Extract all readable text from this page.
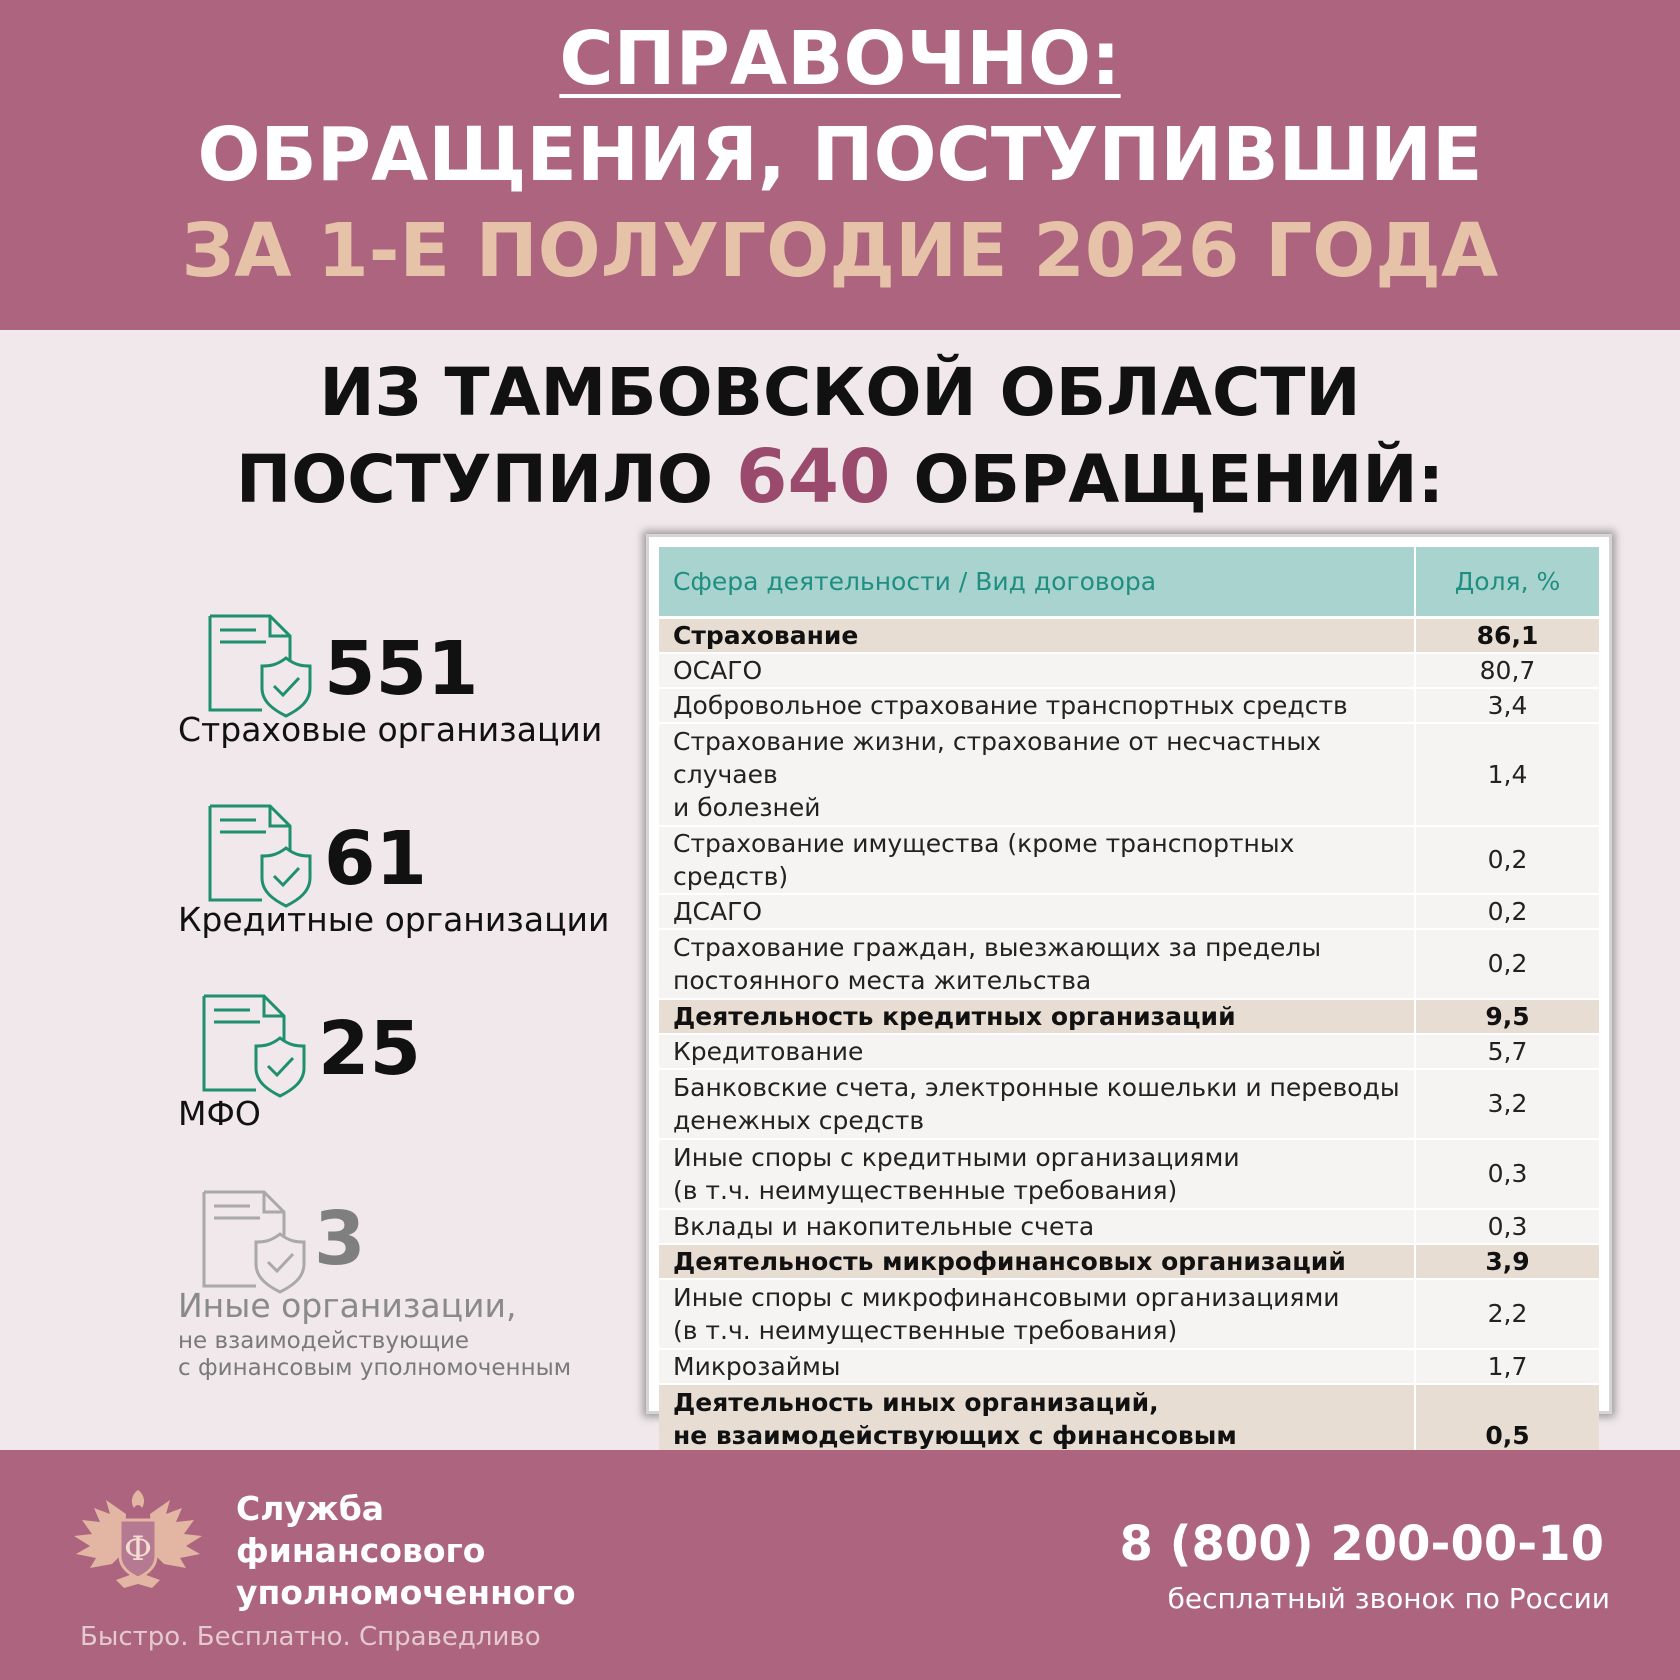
СПРАВОЧНО:
ОБРАЩЕНИЯ, ПОСТУПИВШИЕ
ЗА 1-Е ПОЛУГОДИЕ 2026 ГОДА
ИЗ ТАМБОВСКОЙ ОБЛАСТИ
ПОСТУПИЛО 640 ОБРАЩЕНИЙ:
551
Страховые организации
61
Кредитные организации
25
МФО
3
Иные организации,
не взаимодействующие
с финансовым уполномоченным
Сфера деятельности / Вид договора	Доля, %

Страхование	86,1

ОСАГО	80,7

Добровольное страхование транспортных средств	3,4

Страхование жизни, страхование от несчастных случаев
и болезней	1,4

Страхование имущества (кроме транспортных средств)	0,2

ДСАГО	0,2

Страхование граждан, выезжающих за пределы
постоянного места жительства	0,2

Деятельность кредитных организаций	9,5

Кредитование	5,7

Банковские счета, электронные кошельки и переводы
денежных средств	3,2

Иные споры с кредитными организациями
(в т.ч. неимущественные требования)	0,3

Вклады и накопительные счета	0,3

Деятельность микрофинансовых организаций	3,9

Иные споры с микрофинансовыми организациями
(в т.ч. неимущественные требования)	2,2

Микрозаймы	1,7

Деятельность иных организаций,
не взаимодействующих с финансовым	0,5
Ф
Служба
финансового
уполномоченного
Быстро. Бесплатно. Справедливо
8 (800) 200-00-10
бесплатный звонок по России
